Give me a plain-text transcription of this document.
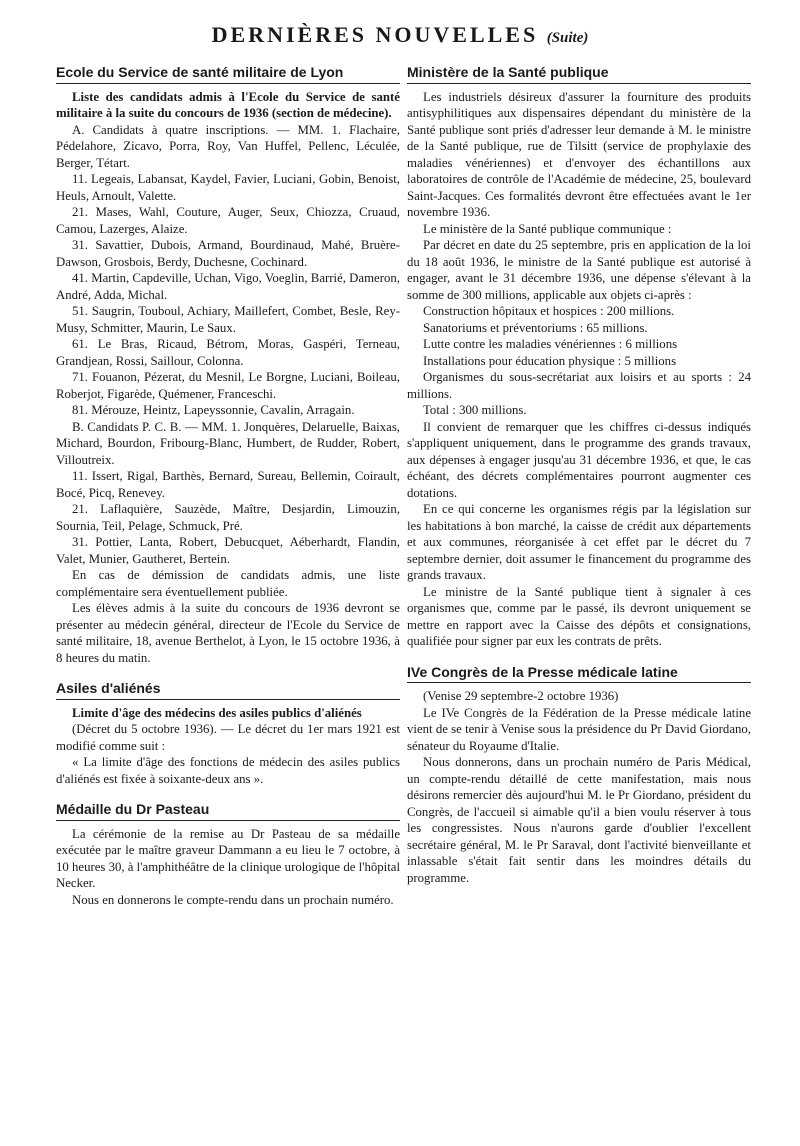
DERNIÈRES NOUVELLES (Suite)
Ecole du Service de santé militaire de Lyon

Liste des candidats admis à l'Ecole du Service de santé militaire à la suite du concours de 1936 (section de médecine).

A. Candidats à quatre inscriptions. — MM. 1. Flachaire, Pédelahore, Zicavo, Porra, Roy, Van Huffel, Pellenc, Léculée, Berger, Tétart.

11. Legeais, Labansat, Kaydel, Favier, Luciani, Gobin, Benoist, Heuls, Arnoult, Valette.

21. Mases, Wahl, Couture, Auger, Seux, Chiozza, Cruaud, Camou, Lazerges, Alaize.

31. Savattier, Dubois, Armand, Bourdinaud, Mahé, Bruère-Dawson, Grosbois, Berdy, Duchesne, Cochinard.

41. Martin, Capdeville, Uchan, Vigo, Voeglin, Barrié, Dameron, André, Adda, Michal.

51. Saugrin, Touboul, Achiary, Maillefert, Combet, Besle, Rey-Musy, Schmitter, Maurin, Le Saux.

61. Le Bras, Ricaud, Bétrom, Moras, Gaspéri, Terneau, Grandjean, Rossi, Saillour, Colonna.

71. Fouanon, Pézerat, du Mesnil, Le Borgne, Luciani, Boileau, Roberjot, Figarède, Quémener, Franceschi.

81. Mérouze, Heintz, Lapeyssonnie, Cavalin, Arragain.

B. Candidats P. C. B. — MM. 1. Jonquères, Delaruelle, Baixas, Michard, Bourdon, Fribourg-Blanc, Humbert, de Rudder, Robert, Villoutreix.

11. Issert, Rigal, Barthès, Bernard, Sureau, Bellemin, Coirault, Bocé, Picq, Renevey.

21. Laflaquière, Sauzède, Maître, Desjardin, Limouzin, Sournia, Teil, Pelage, Schmuck, Pré.

31. Pottier, Lanta, Robert, Debucquet, Aéberhardt, Flandin, Valet, Munier, Gautheret, Bertein.

En cas de démission de candidats admis, une liste complémentaire sera éventuellement publiée.

Les élèves admis à la suite du concours de 1936 devront se présenter au médecin général, directeur de l'Ecole du Service de santé militaire, 18, avenue Berthelot, à Lyon, le 15 octobre 1936, à 8 heures du matin.

Asiles d'aliénés

Limite d'âge des médecins des asiles publics d'aliénés

(Décret du 5 octobre 1936). — Le décret du 1er mars 1921 est modifié comme suit :

« La limite d'âge des fonctions de médecin des asiles publics d'aliénés est fixée à soixante-deux ans ».

Médaille du Dr Pasteau

La cérémonie de la remise au Dr Pasteau de sa médaille exécutée par le maître graveur Dammann a eu lieu le 7 octobre, à 10 heures 30, à l'amphithéâtre de la clinique urologique de l'hôpital Necker.

Nous en donnerons le compte-rendu dans un prochain numéro.

Ministère de la Santé publique

Les industriels désireux d'assurer la fourniture des produits antisyphilitiques aux dispensaires dépendant du ministère de la Santé publique sont priés d'adresser leur demande à M. le ministre de la Santé publique, rue de Tilsitt (service de prophylaxie des maladies vénériennes) et d'envoyer des échantillons aux laboratoires de contrôle de l'Académie de médecine, 25, boulevard Saint-Jacques. Ces formalités devront être effectuées avant le 1er novembre 1936.

Le ministère de la Santé publique communique :

Par décret en date du 25 septembre, pris en application de la loi du 18 août 1936, le ministre de la Santé publique est autorisé à engager, avant le 31 décembre 1936, une dépense s'élevant à la somme de 300 millions, applicable aux objets ci-après :

Construction hôpitaux et hospices : 200 millions.

Sanatoriums et préventoriums : 65 millions.

Lutte contre les maladies vénériennes : 6 millions

Installations pour éducation physique : 5 millions

Organismes du sous-secrétariat aux loisirs et au sports : 24 millions.

Total : 300 millions.

Il convient de remarquer que les chiffres ci-dessus indiqués s'appliquent uniquement, dans le programme des grands travaux, aux dépenses à engager jusqu'au 31 décembre 1936, et que, le cas échéant, des décrets complémentaires pourront augmenter ces dotations.

En ce qui concerne les organismes régis par la législation sur les habitations à bon marché, la caisse de crédit aux départements et aux communes, réorganisée à cet effet par le décret du 7 septembre dernier, doit assumer le financement du programme des grands travaux.

Le ministre de la Santé publique tient à signaler à ces organismes que, comme par le passé, ils devront uniquement se mettre en rapport avec la Caisse des dépôts et consignations, qualifiée pour signer par eux les contrats de prêts.

IVe Congrès de la Presse médicale latine

(Venise 29 septembre-2 octobre 1936)

Le IVe Congrès de la Fédération de la Presse médicale latine vient de se tenir à Venise sous la présidence du Pr David Giordano, sénateur du Royaume d'Italie.

Nous donnerons, dans un prochain numéro de Paris Médical, un compte-rendu détaillé de cette manifestation, mais nous désirons remercier dès aujourd'hui M. le Pr Giordano, président du Congrès, de l'accueil si aimable qu'il a bien voulu réserver à tous les congressistes. Nous n'aurons garde d'oublier l'excellent secrétaire général, M. le Pr Saraval, dont l'activité bienveillante et inlassable s'était fait sentir dans les moindres détails du programme.
